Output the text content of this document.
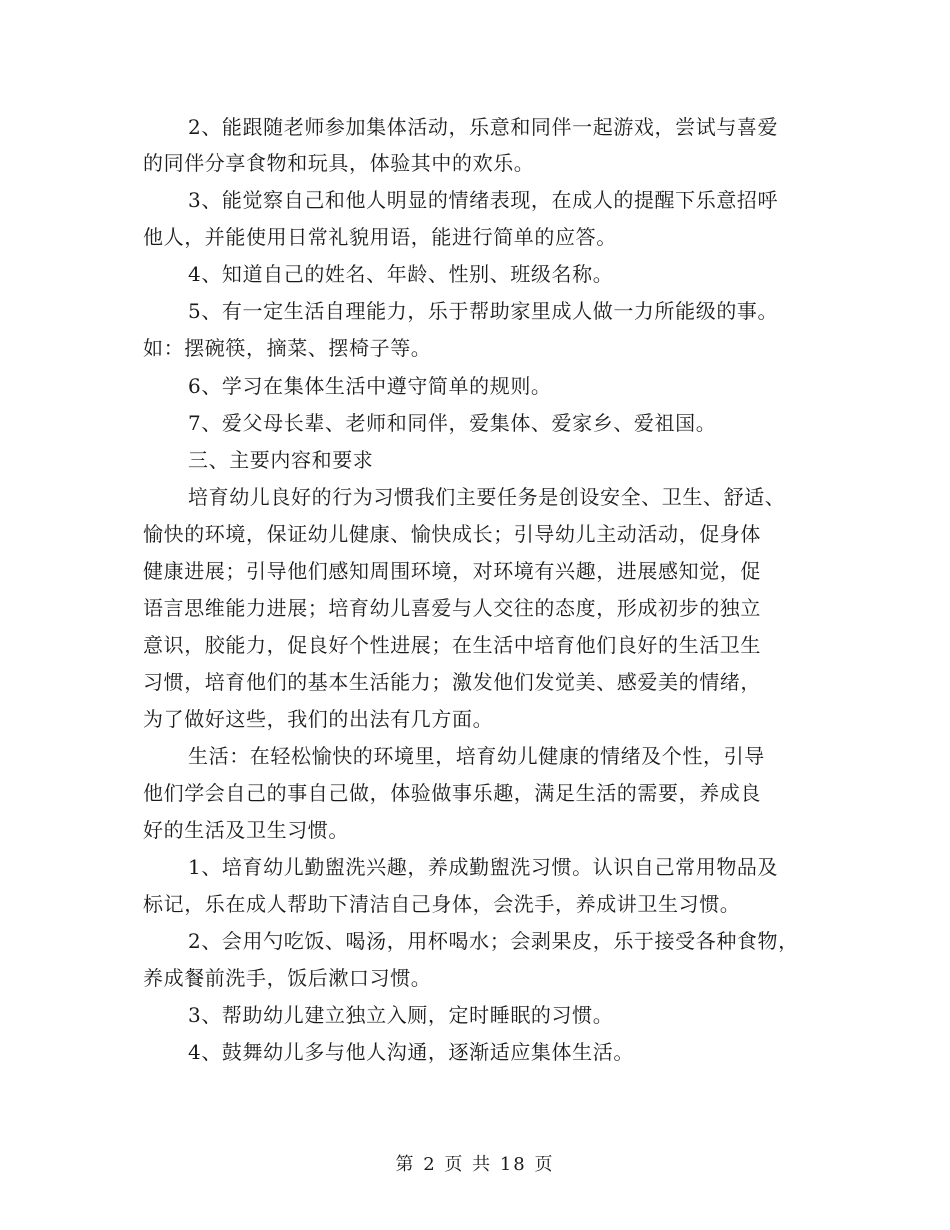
2、能跟随老师参加集体活动，乐意和同伴一起游戏，尝试与喜爱
的同伴分享食物和玩具，体验其中的欢乐。
3、能觉察自己和他人明显的情绪表现，在成人的提醒下乐意招呼
他人，并能使用日常礼貌用语，能进行简单的应答。
4、知道自己的姓名、年龄、性别、班级名称。
5、有一定生活自理能力，乐于帮助家里成人做一力所能级的事。
如：摆碗筷，摘菜、摆椅子等。
6、学习在集体生活中遵守简单的规则。
7、爱父母长辈、老师和同伴，爱集体、爱家乡、爱祖国。
三、主要内容和要求
培育幼儿良好的行为习惯我们主要任务是创设安全、卫生、舒适、
愉快的环境，保证幼儿健康、愉快成长；引导幼儿主动活动，促身体
健康进展；引导他们感知周围环境，对环境有兴趣，进展感知觉，促
语言思维能力进展；培育幼儿喜爱与人交往的态度，形成初步的独立
意识，胶能力，促良好个性进展；在生活中培育他们良好的生活卫生
习惯，培育他们的基本生活能力；激发他们发觉美、感爱美的情绪，
为了做好这些，我们的出法有几方面。
生活：在轻松愉快的环境里，培育幼儿健康的情绪及个性，引导
他们学会自己的事自己做，体验做事乐趣，满足生活的需要，养成良
好的生活及卫生习惯。
1、培育幼儿勤盥洗兴趣，养成勤盥洗习惯。认识自己常用物品及
标记，乐在成人帮助下清洁自己身体，会洗手，养成讲卫生习惯。
2、会用勺吃饭、喝汤，用杯喝水；会剥果皮，乐于接受各种食物，
养成餐前洗手，饭后漱口习惯。
3、帮助幼儿建立独立入厕，定时睡眠的习惯。
4、鼓舞幼儿多与他人沟通，逐渐适应集体生活。
第 2 页 共 18 页
